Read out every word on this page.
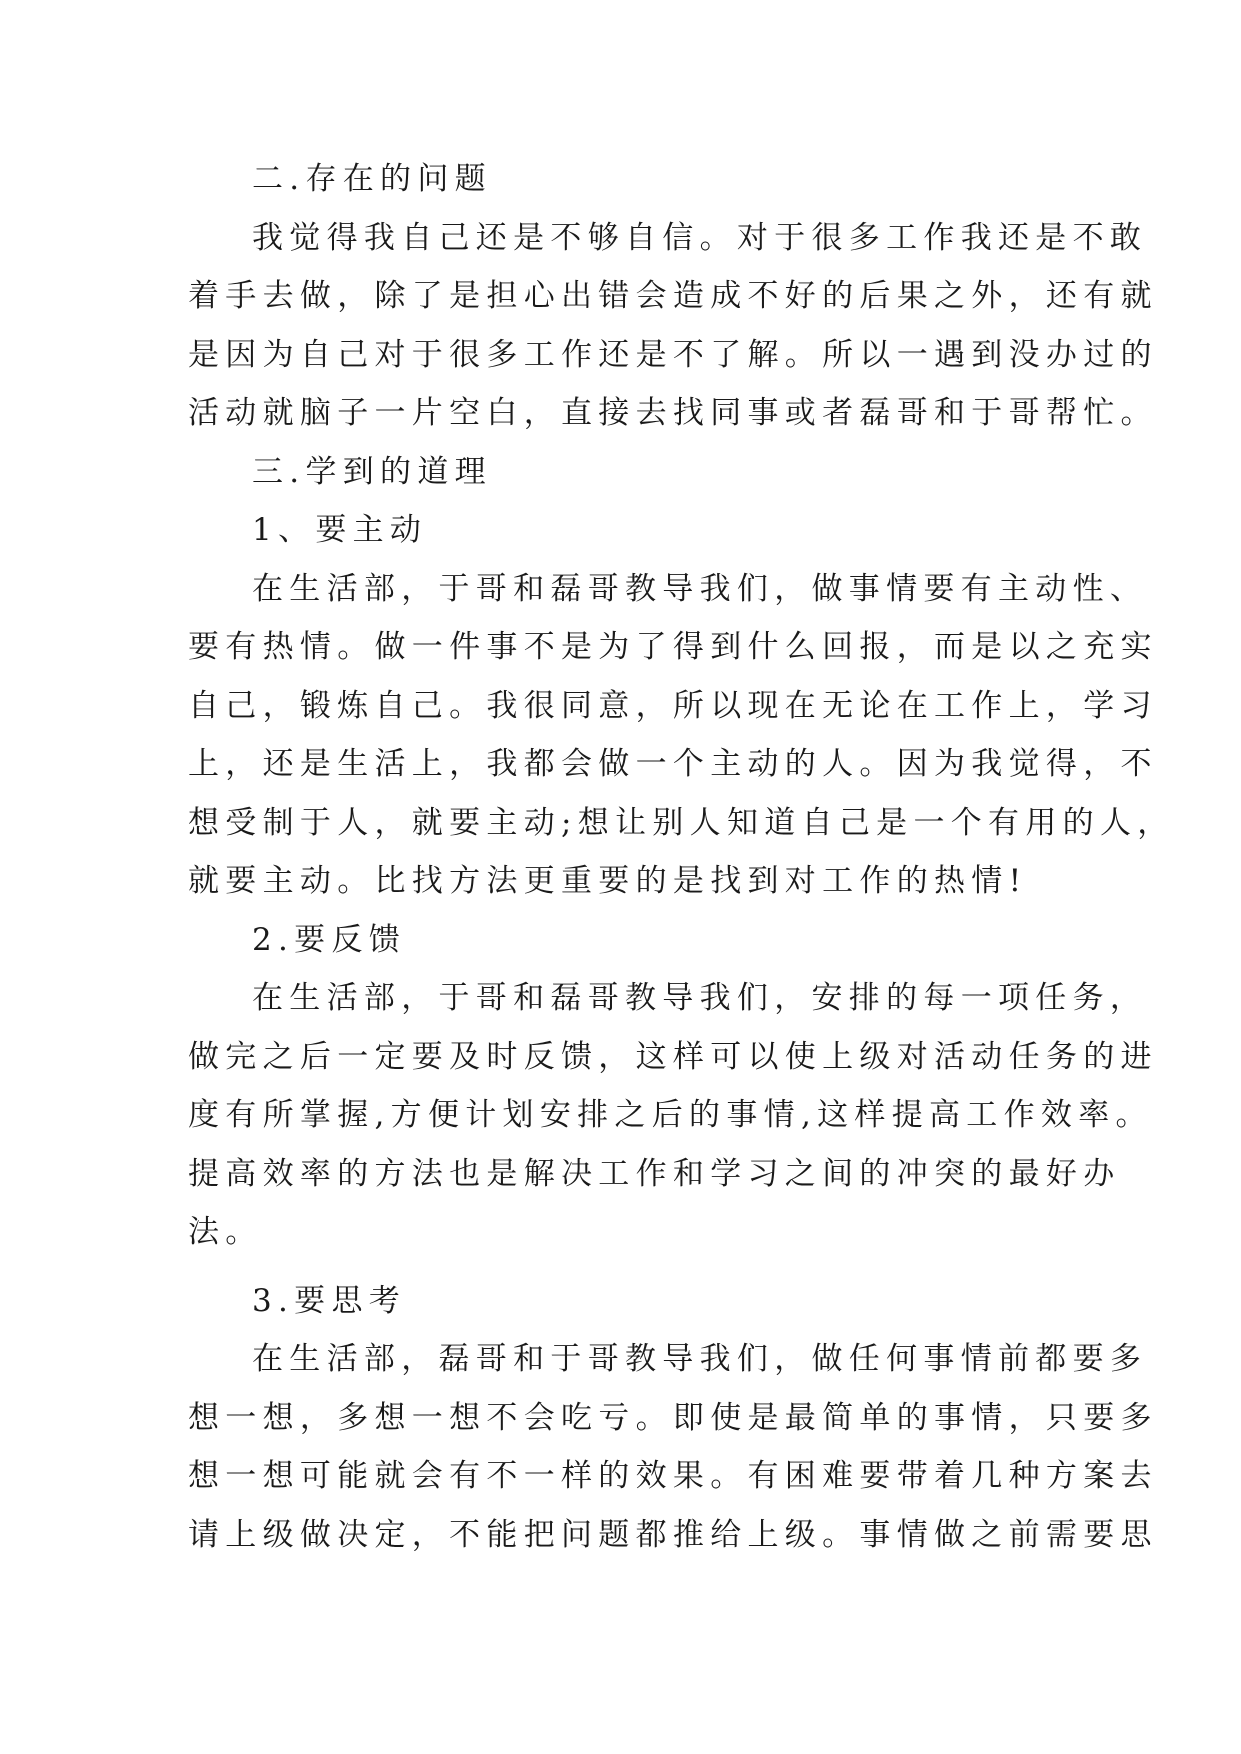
二.存在的问题
我觉得我自己还是不够自信。对于很多工作我还是不敢
着手去做，除了是担心出错会造成不好的后果之外，还有就
是因为自己对于很多工作还是不了解。所以一遇到没办过的
活动就脑子一片空白，直接去找同事或者磊哥和于哥帮忙。
三.学到的道理
1、要主动
在生活部，于哥和磊哥教导我们，做事情要有主动性、
要有热情。做一件事不是为了得到什么回报，而是以之充实
自己，锻炼自己。我很同意，所以现在无论在工作上，学习
上，还是生活上，我都会做一个主动的人。因为我觉得，不
想受制于人，就要主动;想让别人知道自己是一个有用的人，
就要主动。比找方法更重要的是找到对工作的热情!
2.要反馈
在生活部，于哥和磊哥教导我们，安排的每一项任务，
做完之后一定要及时反馈，这样可以使上级对活动任务的进
度有所掌握,方便计划安排之后的事情,这样提高工作效率。
提高效率的方法也是解决工作和学习之间的冲突的最好办
法。
3.要思考
在生活部，磊哥和于哥教导我们，做任何事情前都要多
想一想，多想一想不会吃亏。即使是最简单的事情，只要多
想一想可能就会有不一样的效果。有困难要带着几种方案去
请上级做决定，不能把问题都推给上级。事情做之前需要思
